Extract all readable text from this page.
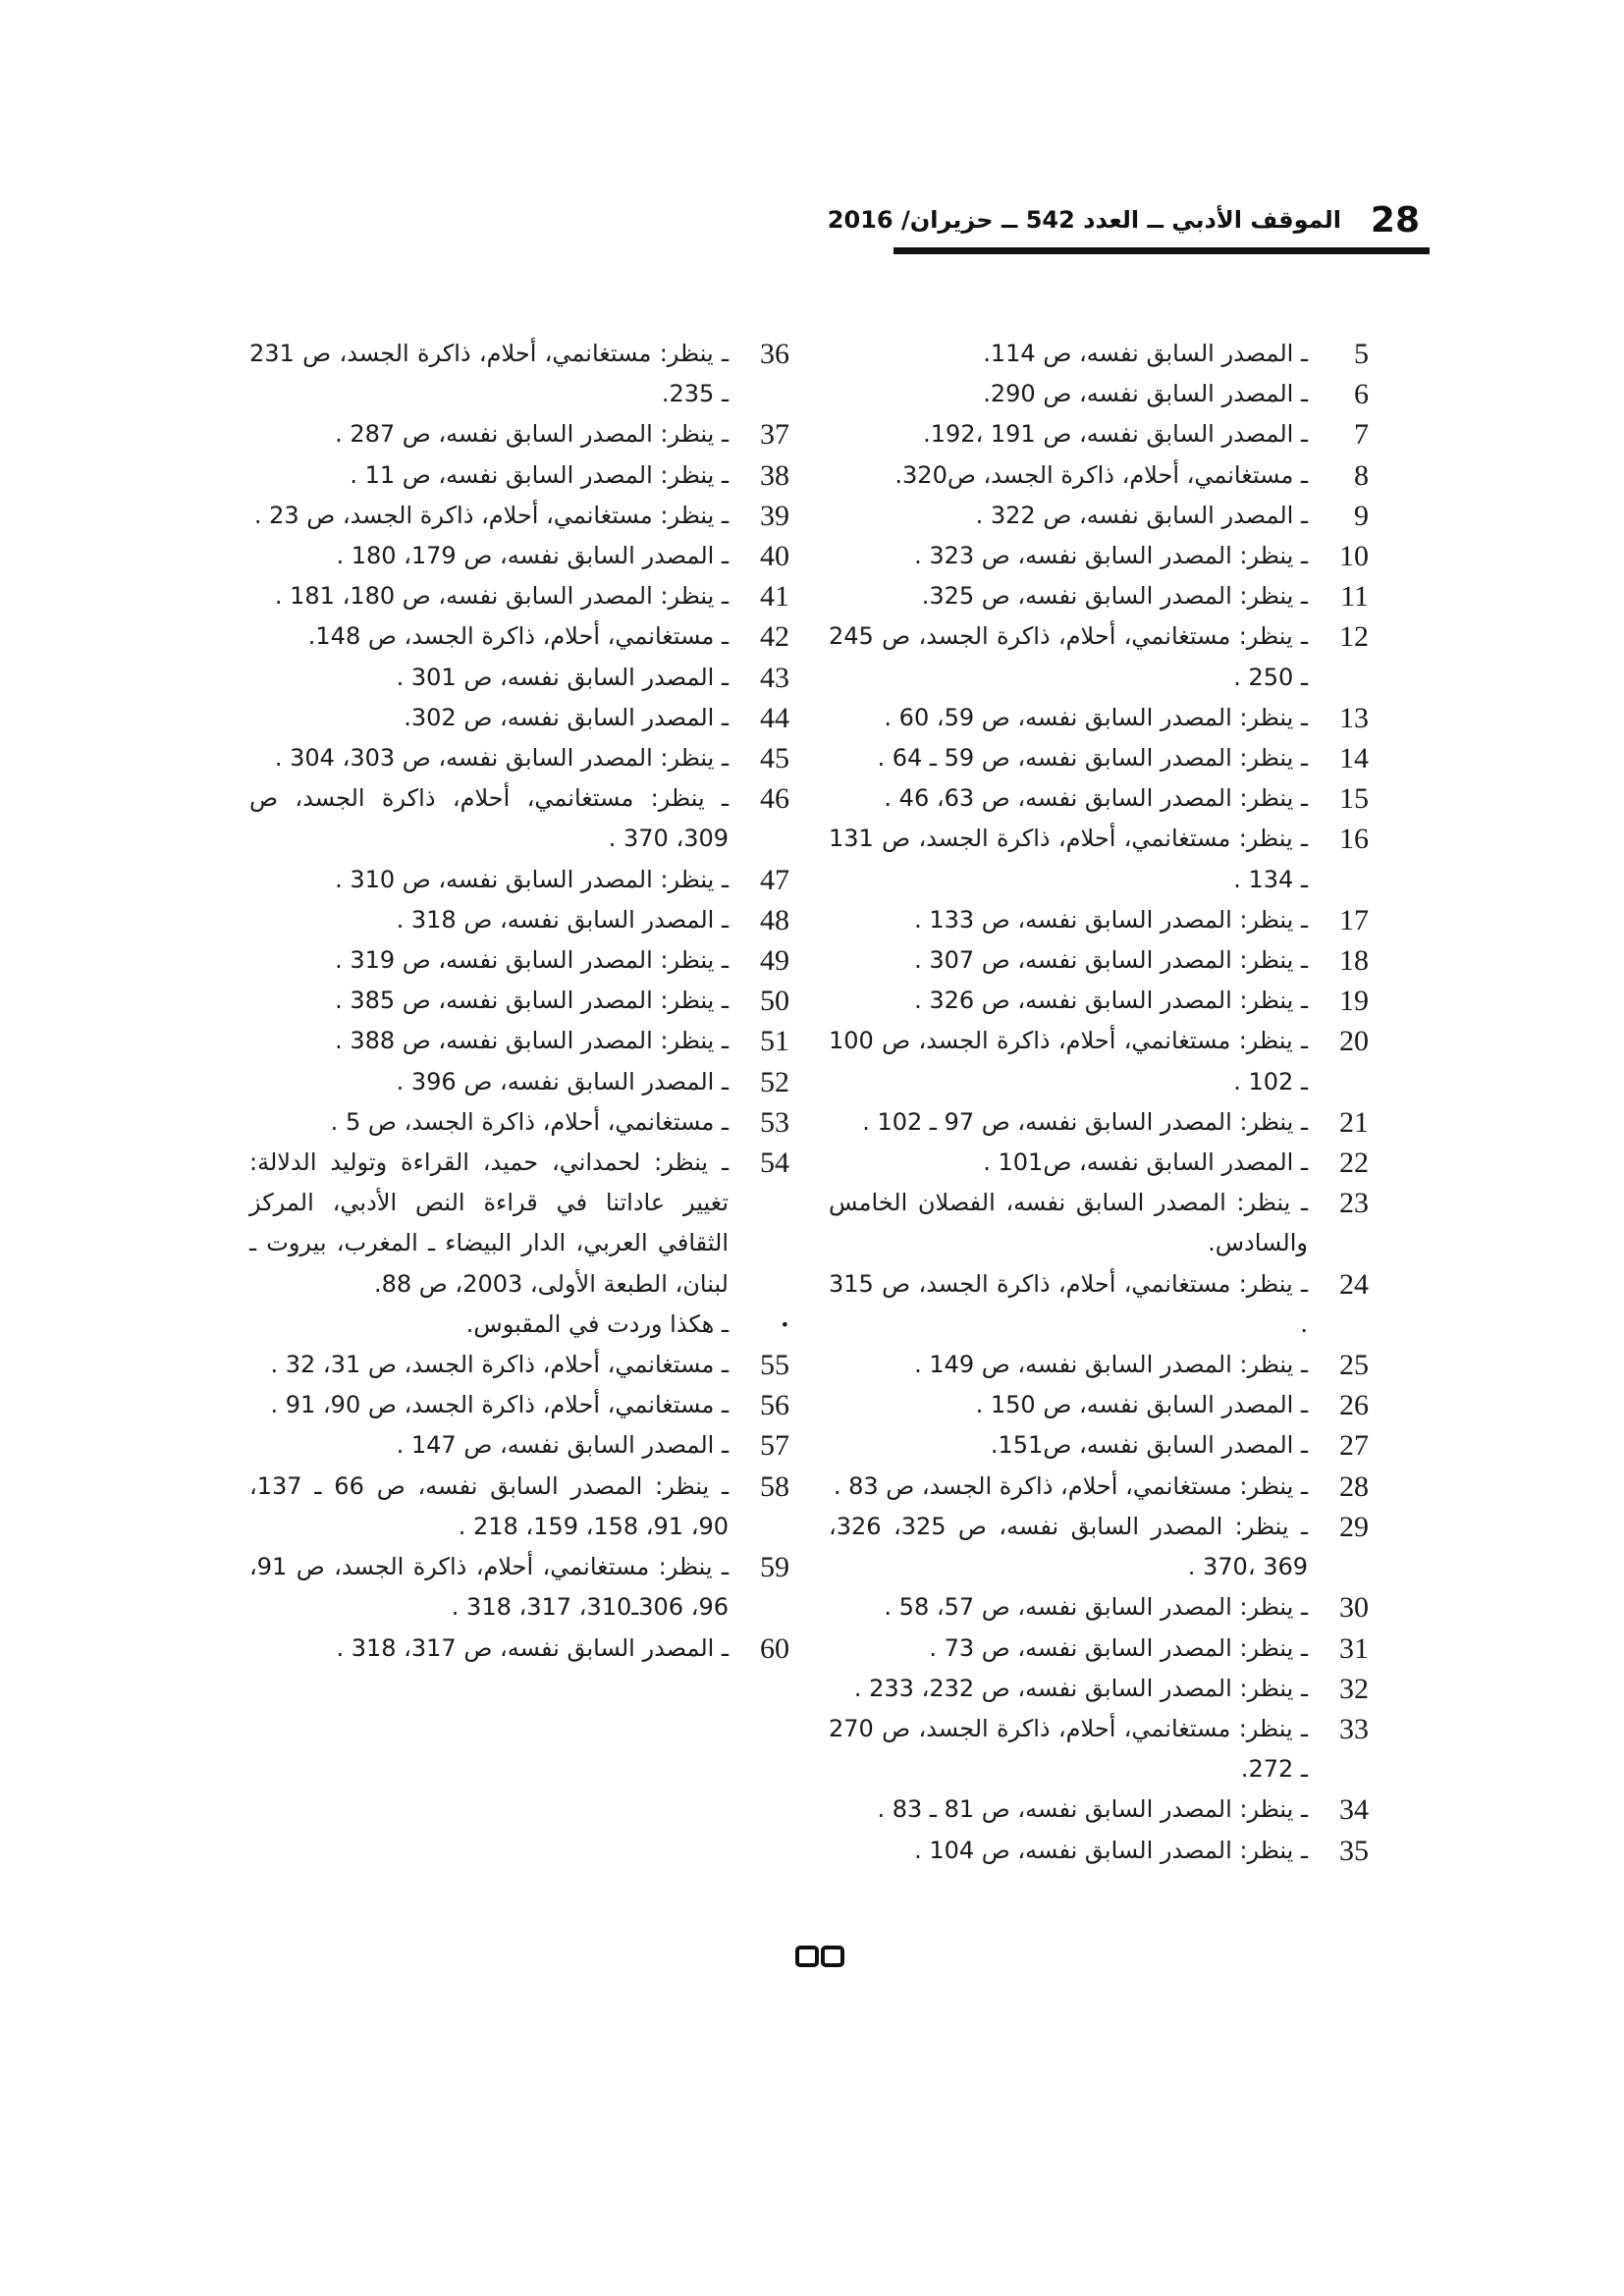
28
الموقف الأدبي ــ العدد 542 ــ حزيران/ 2016
5
ـ المصدر السابق نفسه، ص 114.
6
ـ المصدر السابق نفسه، ص 290.
7
ـ المصدر السابق نفسه، ص 191 ،192.
8
ـ مستغانمي، أحلام، ذاكرة الجسد، ص320.
9
ـ المصدر السابق نفسه، ص 322 .
10
ـ ينظر: المصدر السابق نفسه، ص 323 .
11
ـ ينظر: المصدر السابق نفسه، ص 325.
12
ـ ينظر: مستغانمي، أحلام، ذاكرة الجسد، ص 245 ـ 250 .
13
ـ ينظر: المصدر السابق نفسه، ص 59، 60 .
14
ـ ينظر: المصدر السابق نفسه، ص 59 ـ 64 .
15
ـ ينظر: المصدر السابق نفسه، ص 63، 46 .
16
ـ ينظر: مستغانمي، أحلام، ذاكرة الجسد، ص 131 ـ 134 .
17
ـ ينظر: المصدر السابق نفسه، ص 133 .
18
ـ ينظر: المصدر السابق نفسه، ص 307 .
19
ـ ينظر: المصدر السابق نفسه، ص 326 .
20
ـ ينظر: مستغانمي، أحلام، ذاكرة الجسد، ص 100 ـ 102 .
21
ـ ينظر: المصدر السابق نفسه، ص 97 ـ 102 .
22
ـ المصدر السابق نفسه، ص101 .
23
ـ ينظر: المصدر السابق نفسه، الفصلان الخامس والسادس.
24
ـ ينظر: مستغانمي، أحلام، ذاكرة الجسد، ص 315 .
25
ـ ينظر: المصدر السابق نفسه، ص 149 .
26
ـ المصدر السابق نفسه، ص 150 .
27
ـ المصدر السابق نفسه، ص151.
28
ـ ينظر: مستغانمي، أحلام، ذاكرة الجسد، ص 83 .
29
ـ ينظر: المصدر السابق نفسه، ص 325، 326، 369 ،370 .
30
ـ ينظر: المصدر السابق نفسه، ص 57، 58 .
31
ـ ينظر: المصدر السابق نفسه، ص 73 .
32
ـ ينظر: المصدر السابق نفسه، ص 232، 233 .
33
ـ ينظر: مستغانمي، أحلام، ذاكرة الجسد، ص 270 ـ 272.
34
ـ ينظر: المصدر السابق نفسه، ص 81 ـ 83 .
35
ـ ينظر: المصدر السابق نفسه، ص 104 .
36
ـ ينظر: مستغانمي، أحلام، ذاكرة الجسد، ص 231 ـ 235.
37
ـ ينظر: المصدر السابق نفسه، ص 287 .
38
ـ ينظر: المصدر السابق نفسه، ص 11 .
39
ـ ينظر: مستغانمي، أحلام، ذاكرة الجسد، ص 23 .
40
ـ المصدر السابق نفسه، ص 179، 180 .
41
ـ ينظر: المصدر السابق نفسه، ص 180، 181 .
42
ـ مستغانمي، أحلام، ذاكرة الجسد، ص 148.
43
ـ المصدر السابق نفسه، ص 301 .
44
ـ المصدر السابق نفسه، ص 302.
45
ـ ينظر: المصدر السابق نفسه، ص 303، 304 .
46
ـ ينظر: مستغانمي، أحلام، ذاكرة الجسد، ص 309، 370 .
47
ـ ينظر: المصدر السابق نفسه، ص 310 .
48
ـ المصدر السابق نفسه، ص 318 .
49
ـ ينظر: المصدر السابق نفسه، ص 319 .
50
ـ ينظر: المصدر السابق نفسه، ص 385 .
51
ـ ينظر: المصدر السابق نفسه، ص 388 .
52
ـ المصدر السابق نفسه، ص 396 .
53
ـ مستغانمي، أحلام، ذاكرة الجسد، ص 5 .
54
ـ ينظر: لحمداني، حميد، القراءة وتوليد الدلالة: تغيير عاداتنا في قراءة النص الأدبي، المركز الثقافي العربي، الدار البيضاء ـ المغرب، بيروت ـ لبنان، الطبعة الأولى، 2003، ص 88.
•
ـ هكذا وردت في المقبوس.
55
ـ مستغانمي، أحلام، ذاكرة الجسد، ص 31، 32 .
56
ـ مستغانمي، أحلام، ذاكرة الجسد، ص 90، 91 .
57
ـ المصدر السابق نفسه، ص 147 .
58
ـ ينظر: المصدر السابق نفسه، ص 66 ـ 137، 90، 91، 158، 159، 218 .
59
ـ ينظر: مستغانمي، أحلام، ذاكرة الجسد، ص 91، 96، 306ـ310، 317، 318 .
60
ـ المصدر السابق نفسه، ص 317، 318 .
